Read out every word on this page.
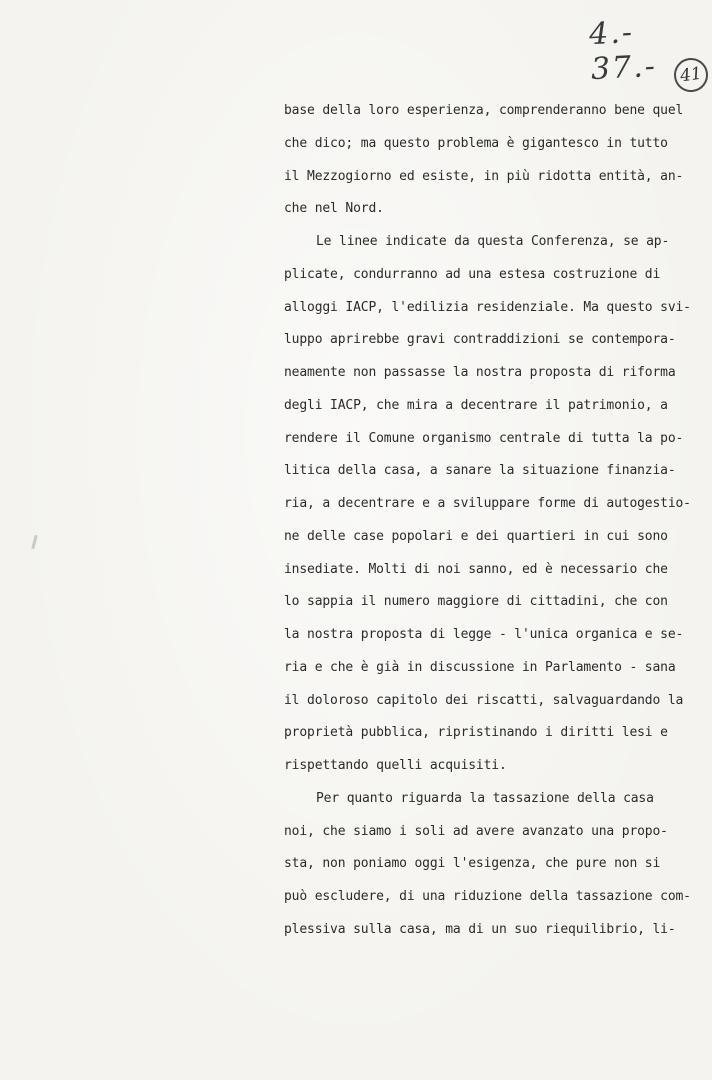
4.- 37.-	41
base della loro esperienza, comprenderanno bene quel
che dico; ma questo problema è gigantesco in tutto
il Mezzogiorno ed esiste, in più ridotta entità, an-
che nel Nord.
Le linee indicate da questa Conferenza, se ap-
plicate, condurranno ad una estesa costruzione di
alloggi IACP, l'edilizia residenziale. Ma questo svi-
luppo aprirebbe gravi contraddizioni se contempora-
neamente non passasse la nostra proposta di riforma
degli IACP, che mira a decentrare il patrimonio, a
rendere il Comune organismo centrale di tutta la po-
litica della casa, a sanare la situazione finanzia-
ria, a decentrare e a sviluppare forme di autogestio-
ne delle case popolari e dei quartieri in cui sono
insediate. Molti di noi sanno, ed è necessario che
lo sappia il numero maggiore di cittadini, che con
la nostra proposta di legge - l'unica organica e se-
ria e che è già in discussione in Parlamento - sana
il doloroso capitolo dei riscatti, salvaguardando la
proprietà pubblica, ripristinando i diritti lesi e
rispettando quelli acquisiti.
Per quanto riguarda la tassazione della casa
noi, che siamo i soli ad avere avanzato una propo-
sta, non poniamo oggi l'esigenza, che pure non si
può escludere, di una riduzione della tassazione com-
plessiva sulla casa, ma di un suo riequilibrio, li-
